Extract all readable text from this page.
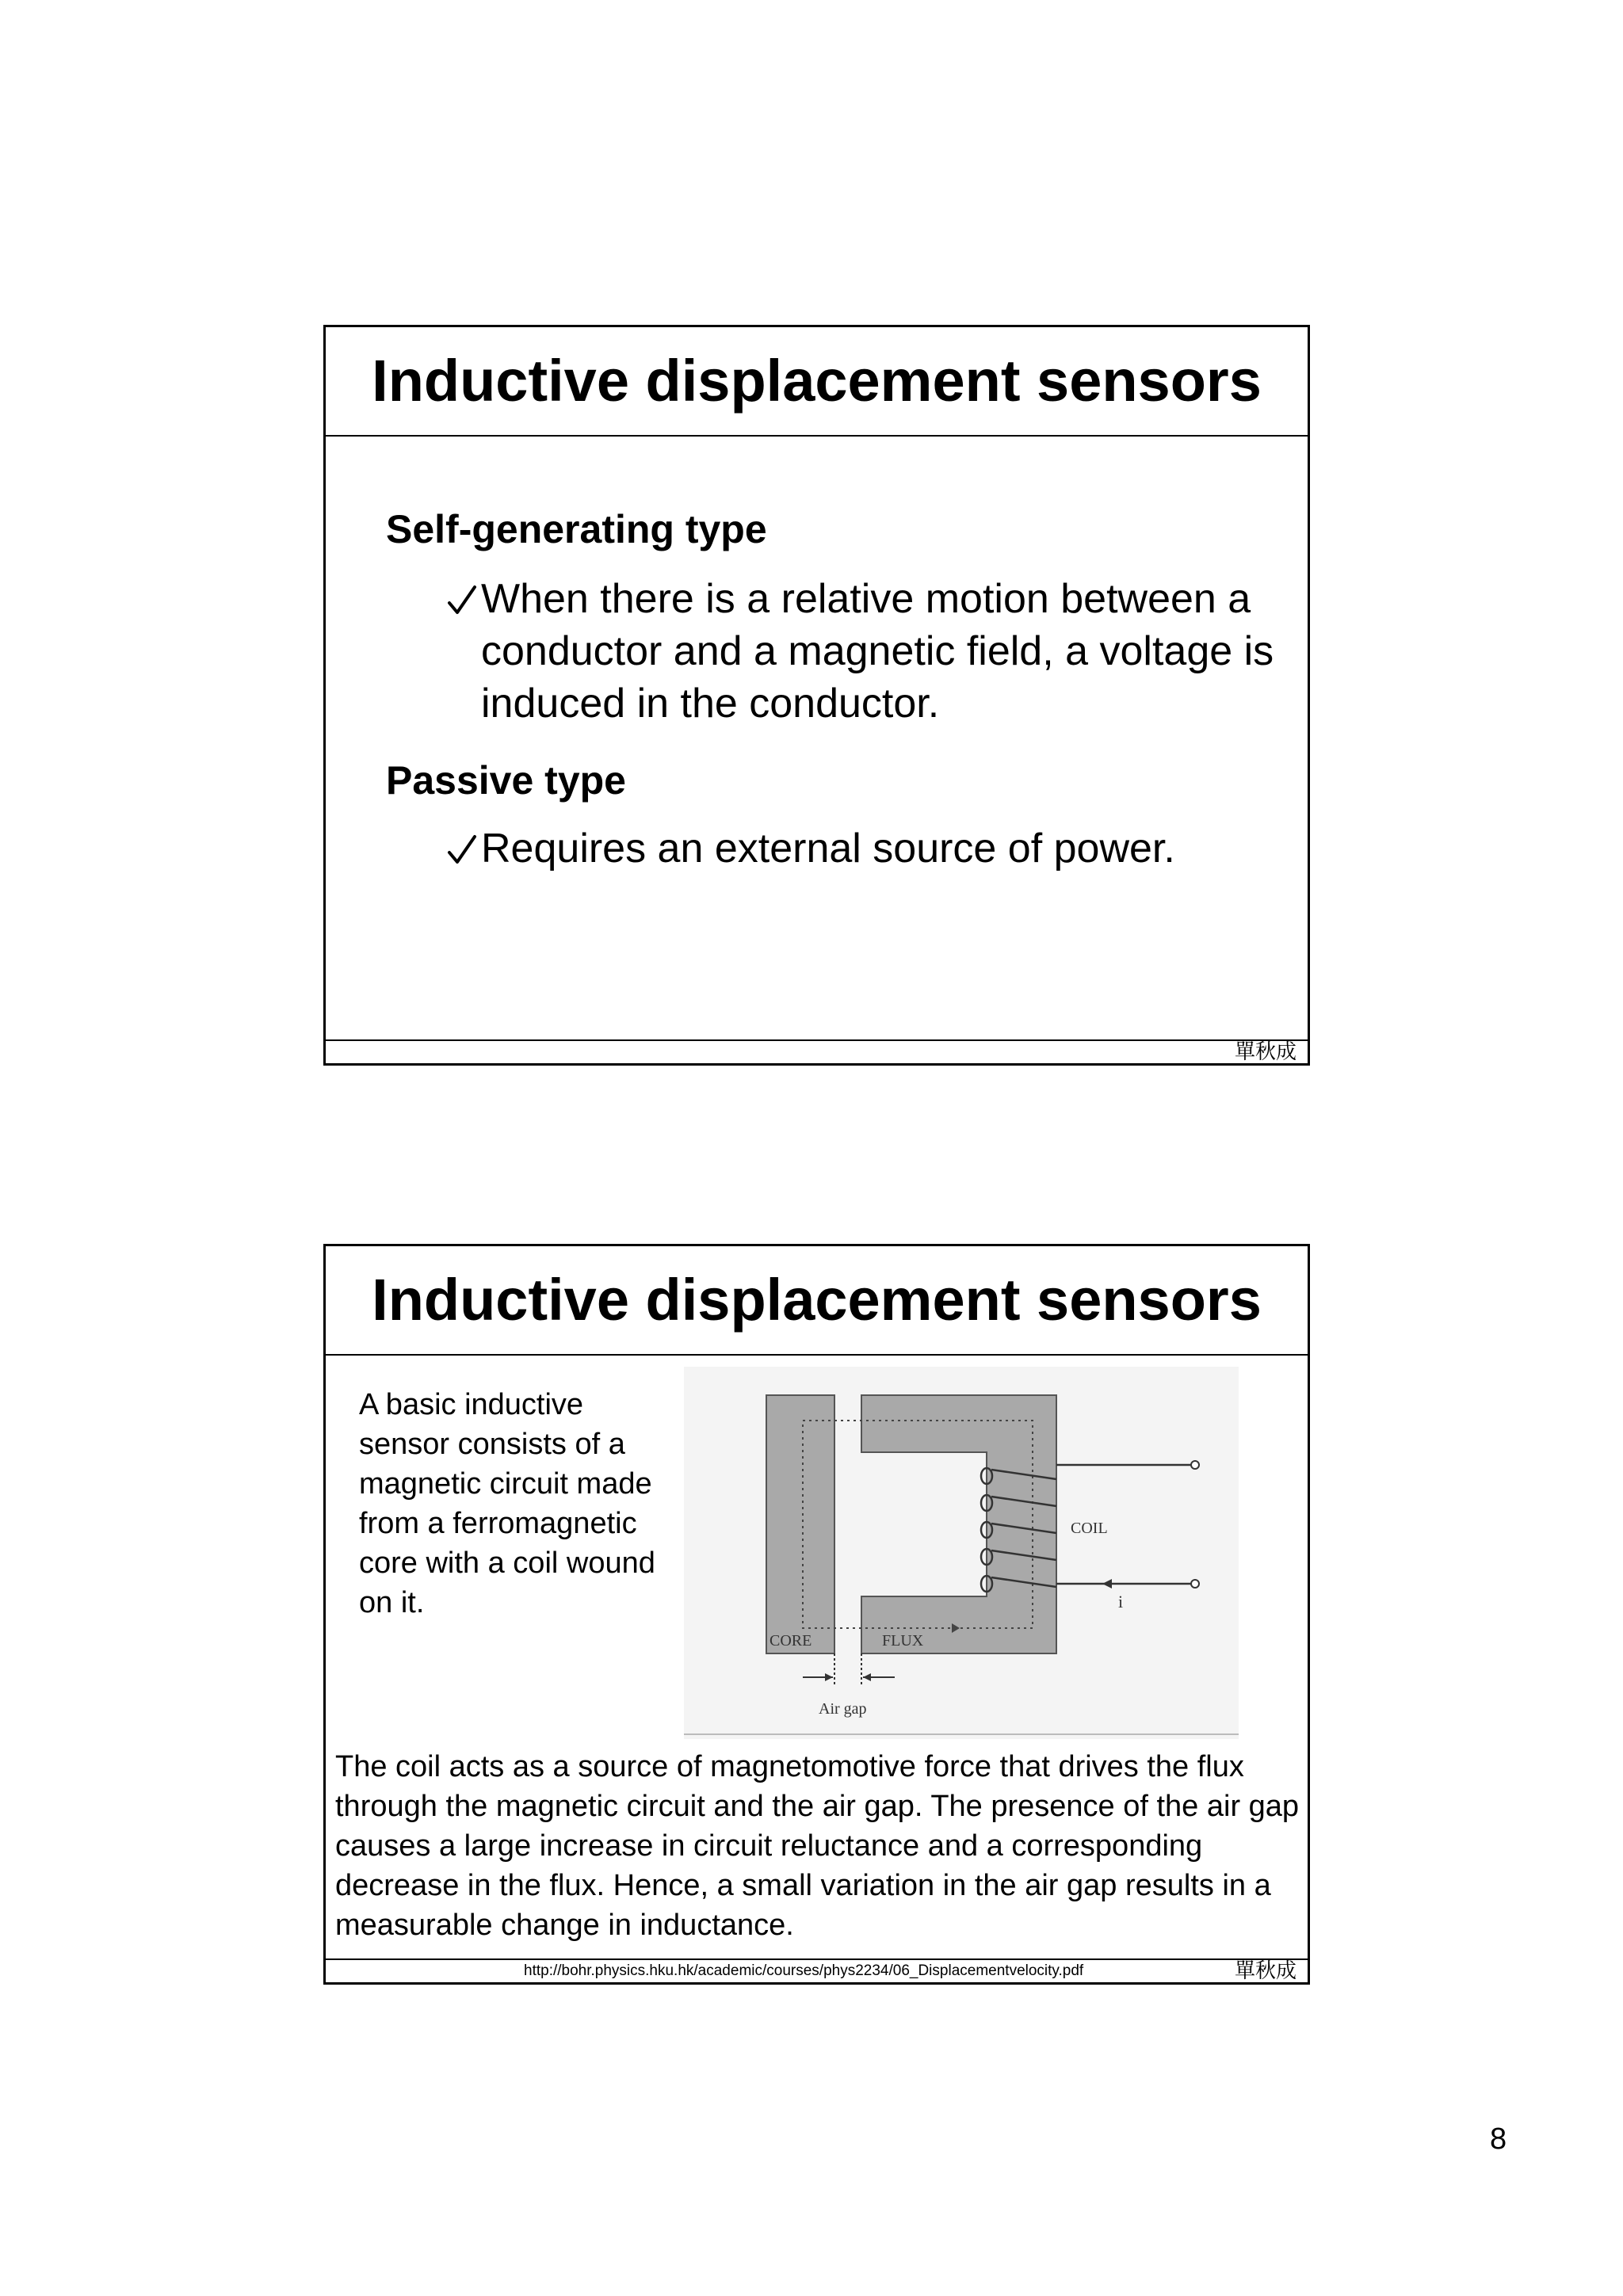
Inductive displacement sensors
Self-generating type
When there is a relative motion between a conductor and a magnetic field, a voltage is induced in the conductor.
Passive type
Requires an external source of power.
單秋成
Inductive displacement sensors
A basic inductive sensor consists of a magnetic circuit made from a ferromagnetic core with a coil wound on it.
CORE	FLUX
COIL
i
Air gap
The coil acts as a source of magnetomotive force that drives the flux through the magnetic circuit and the air gap. The presence of the air gap causes a large increase in circuit reluctance and a corresponding decrease in the flux. Hence, a small variation in the air gap results in a measurable change in inductance.
http://bohr.physics.hku.hk/academic/courses/phys2234/06_Displacementvelocity.pdf	單秋成
8
